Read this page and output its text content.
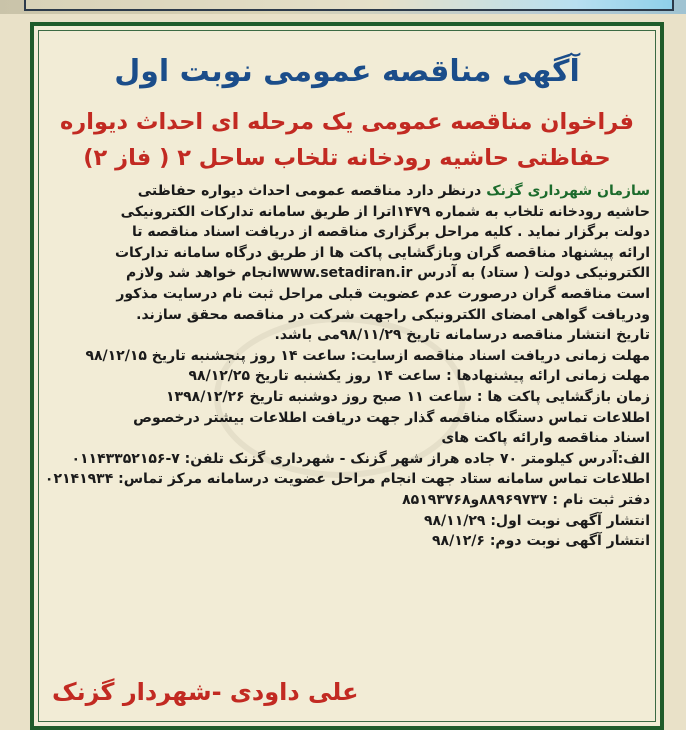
آگهی مناقصه عمومی نوبت اول
فراخوان مناقصه عمومی یک مرحله ای احداث دیواره
حفاظتی حاشیه رودخانه تلخاب ساحل ۲ ( فاز ۲)
سازمان شهرداری گزنک درنظر دارد مناقصه عمومی احداث دیواره حفاظتی
حاشیه رودخانه تلخاب به شماره ۱۴۷۹اترا از طریق سامانه تدارکات الکترونیکی
دولت برگزار نماید . کلیه مراحل برگزاری مناقصه از دریافت اسناد مناقصه تا
ارائه پیشنهاد مناقصه گران وبازگشایی پاکت ها از طریق درگاه سامانه تدارکات
الکترونیکی دولت ( ستاد) به آدرس www.setadiran.irانجام خواهد شد ولازم
است مناقصه گران درصورت عدم عضویت قبلی مراحل ثبت نام درسایت مذکور
ودریافت گواهی امضای الکترونیکی راجهت شرکت در مناقصه محقق سازند.
تاریخ انتشار مناقصه درسامانه تاریخ ۹۸/۱۱/۲۹می باشد.
مهلت زمانی دریافت اسناد مناقصه ازسایت: ساعت ۱۴ روز پنجشنبه تاریخ ۹۸/۱۲/۱۵
مهلت زمانی ارائه پیشنهادها : ساعت ۱۴ روز یکشنبه تاریخ ۹۸/۱۲/۲۵
زمان بازگشایی پاکت ها : ساعت ۱۱ صبح روز دوشنبه تاریخ ۱۳۹۸/۱۲/۲۶
اطلاعات تماس دستگاه مناقصه گذار جهت دریافت اطلاعات بیشتر درخصوص
اسناد مناقصه وارائه پاکت های
الف:آدرس کیلومتر ۷۰ جاده هراز شهر گزنک - شهرداری گزنک تلفن: ۷-۰۱۱۴۳۳۵۲۱۵۶
اطلاعات تماس سامانه ستاد جهت انجام مراحل عضویت درسامانه مرکز تماس: ۰۲۱۴۱۹۳۴
دفتر ثبت نام : ۸۸۹۶۹۷۳۷و۸۵۱۹۳۷۶۸
انتشار آگهی نوبت اول: ۹۸/۱۱/۲۹
انتشار آگهی نوبت دوم: ۹۸/۱۲/۶
علی داودی -شهردار گزنک
